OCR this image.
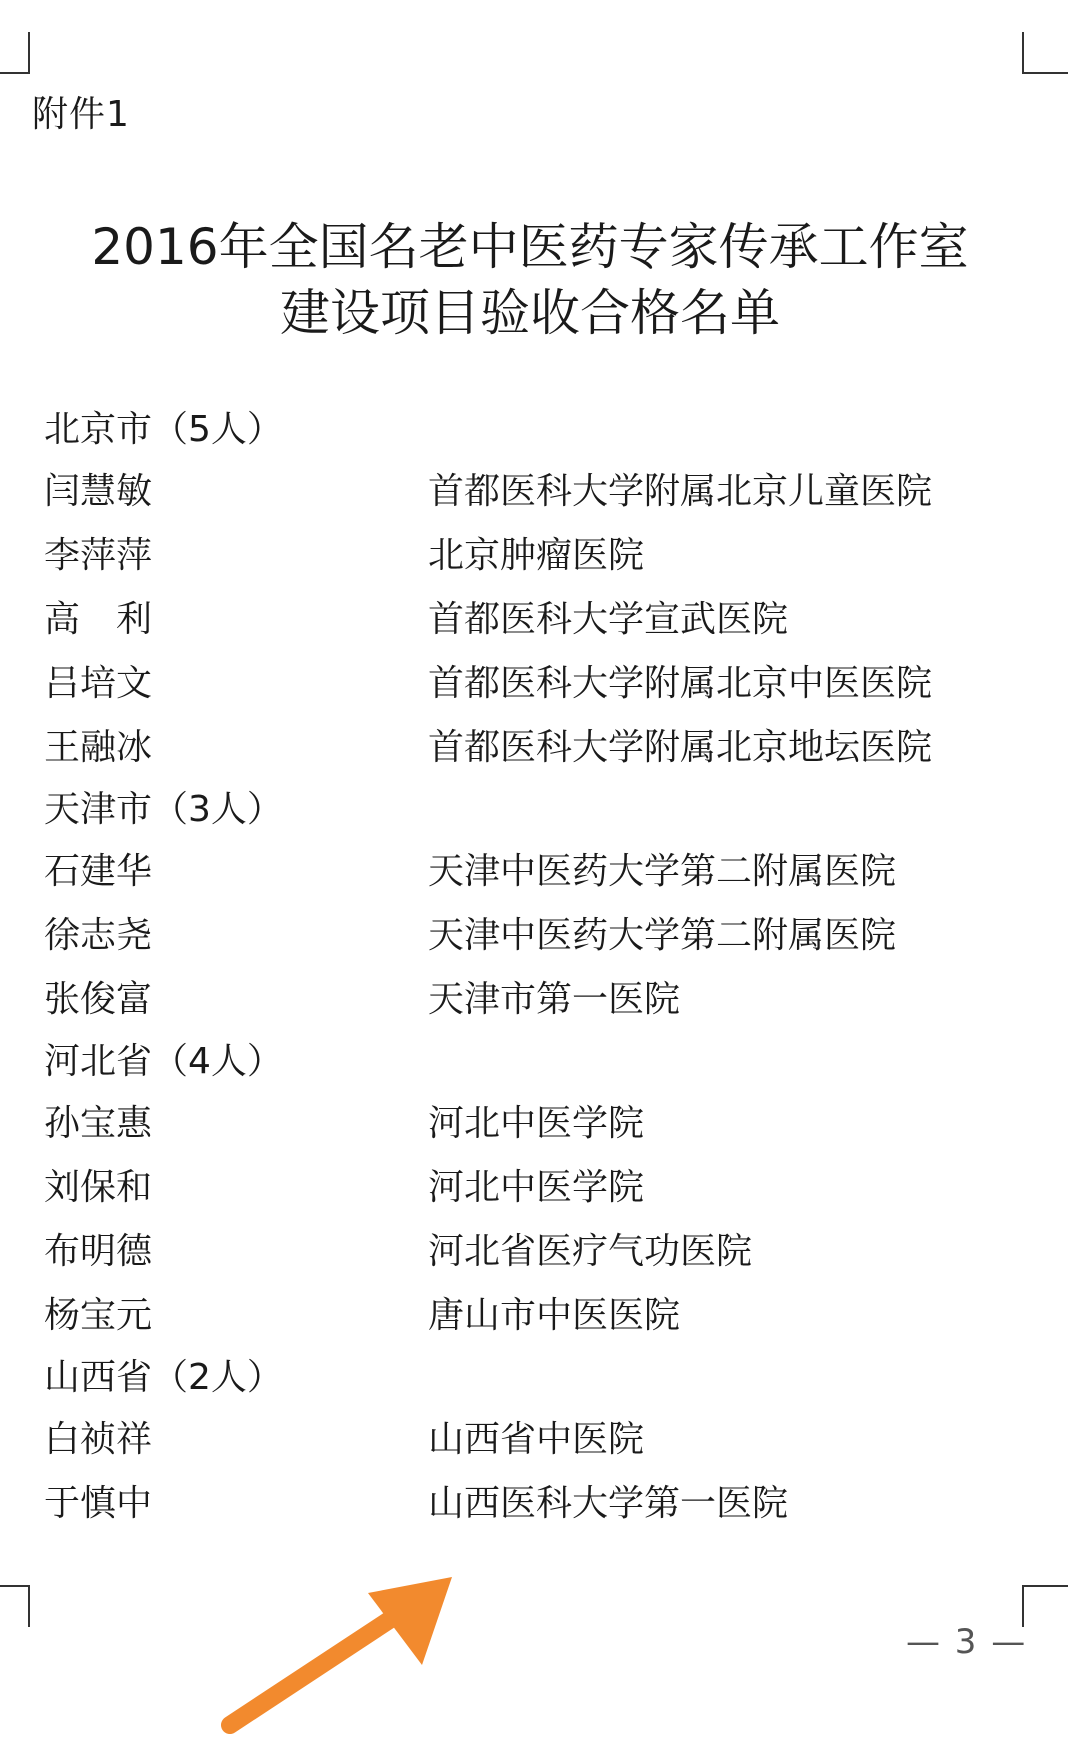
附件1
2016年全国名老中医药专家传承工作室
建设项目验收合格名单
北京市（5人）
闫慧敏	首都医科大学附属北京儿童医院
李萍萍	北京肿瘤医院
高　利	首都医科大学宣武医院
吕培文	首都医科大学附属北京中医医院
王融冰	首都医科大学附属北京地坛医院
天津市（3人）
石建华	天津中医药大学第二附属医院
徐志尧	天津中医药大学第二附属医院
张俊富	天津市第一医院
河北省（4人）
孙宝惠	河北中医学院
刘保和	河北中医学院
布明德	河北省医疗气功医院
杨宝元	唐山市中医医院
山西省（2人）
白祯祥	山西省中医院
于慎中	山西医科大学第一医院
— 3 —
